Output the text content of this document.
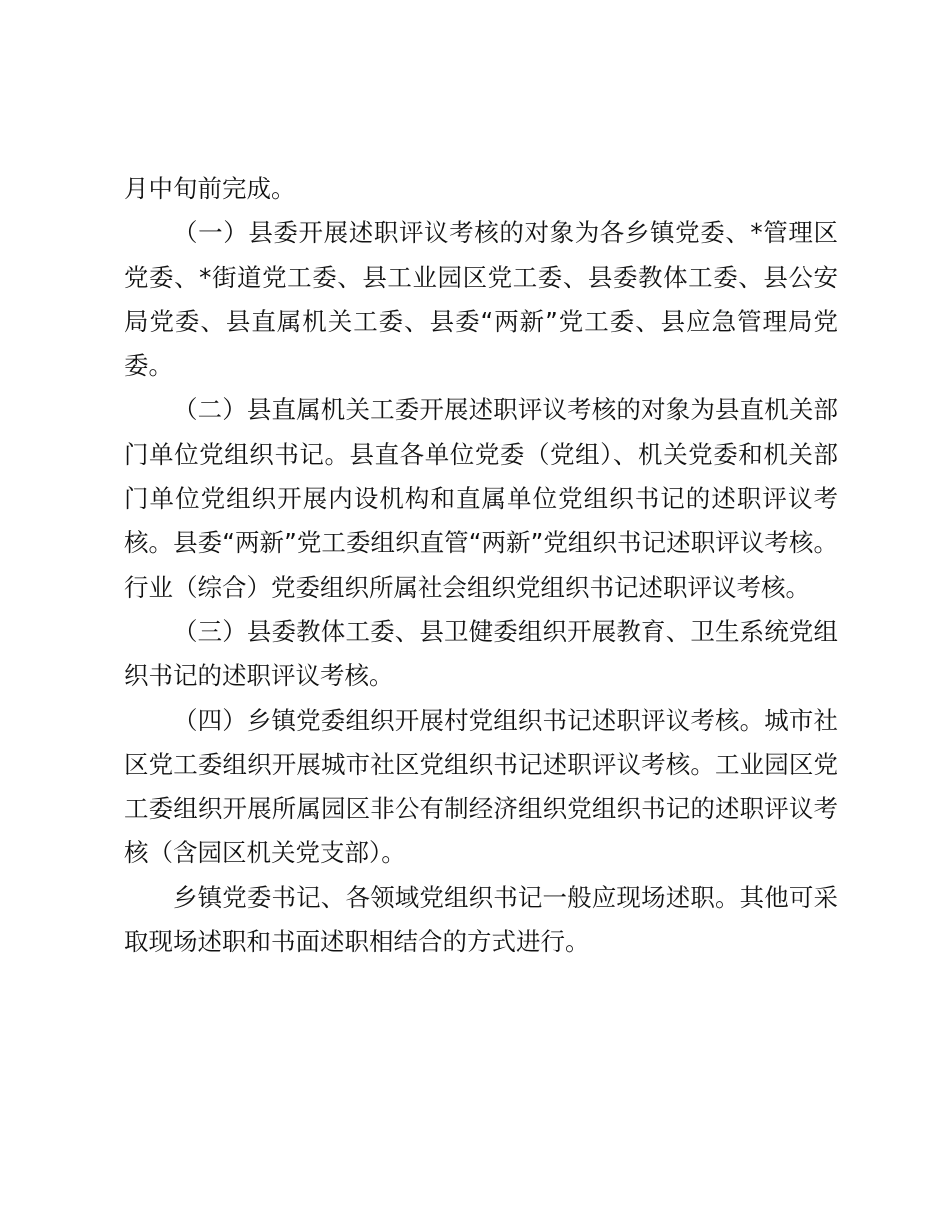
月中旬前完成。

（一）县委开展述职评议考核的对象为各乡镇党委、*管理区党委、*街道党工委、县工业园区党工委、县委教体工委、县公安局党委、县直属机关工委、县委“两新”党工委、县应急管理局党委。

（二）县直属机关工委开展述职评议考核的对象为县直机关部门单位党组织书记。县直各单位党委（党组）、机关党委和机关部门单位党组织开展内设机构和直属单位党组织书记的述职评议考核。县委“两新”党工委组织直管“两新”党组织书记述职评议考核。行业（综合）党委组织所属社会组织党组织书记述职评议考核。

（三）县委教体工委、县卫健委组织开展教育、卫生系统党组织书记的述职评议考核。

（四）乡镇党委组织开展村党组织书记述职评议考核。城市社区党工委组织开展城市社区党组织书记述职评议考核。工业园区党工委组织开展所属园区非公有制经济组织党组织书记的述职评议考核（含园区机关党支部）。

乡镇党委书记、各领域党组织书记一般应现场述职。其他可采取现场述职和书面述职相结合的方式进行。
